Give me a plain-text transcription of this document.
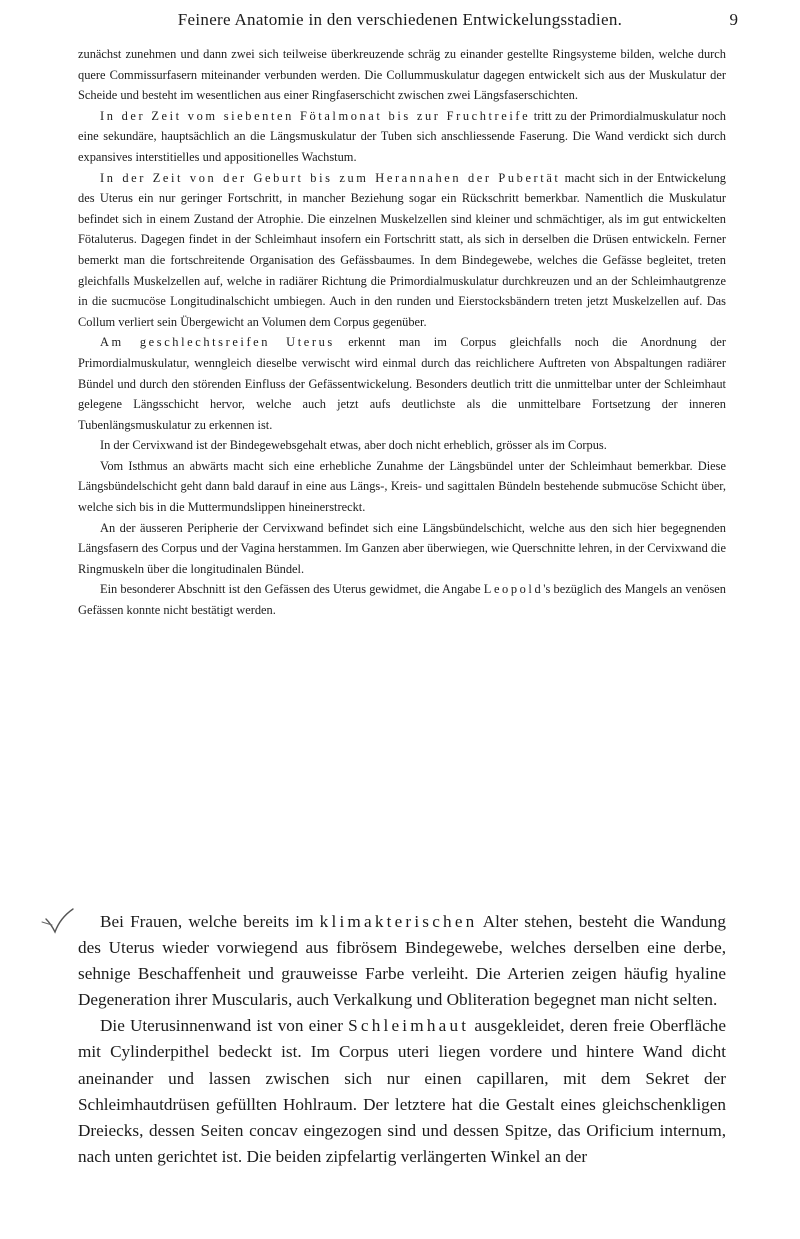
Feinere Anatomie in den verschiedenen Entwickelungsstadien.	9

zunächst zunehmen und dann zwei sich teilweise überkreuzende schräg zu einander gestellte Ringsysteme bilden, welche durch quere Commissurfasern miteinander verbunden werden. Die Collummuskulatur dagegen entwickelt sich aus der Muskulatur der Scheide und besteht im wesentlichen aus einer Ringfaserschicht zwischen zwei Längsfaserschichten.

In der Zeit vom siebenten Fötalmonat bis zur Fruchtreife tritt zu der Primordialmuskulatur noch eine sekundäre, hauptsächlich an die Längsmuskulatur der Tuben sich anschliessende Faserung. Die Wand verdickt sich durch expansives interstitielles und appositionelles Wachstum.

In der Zeit von der Geburt bis zum Herannahen der Pubertät macht sich in der Entwickelung des Uterus ein nur geringer Fortschritt, in mancher Beziehung sogar ein Rückschritt bemerkbar. Namentlich die Muskulatur befindet sich in einem Zustand der Atrophie. Die einzelnen Muskelzellen sind kleiner und schmächtiger, als im gut entwickelten Fötaluterus. Dagegen findet in der Schleimhaut insofern ein Fortschritt statt, als sich in derselben die Drüsen entwickeln. Ferner bemerkt man die fortschreitende Organisation des Gefässbaumes. In dem Bindegewebe, welches die Gefässe begleitet, treten gleichfalls Muskelzellen auf, welche in radiärer Richtung die Primordialmuskulatur durchkreuzen und an der Schleimhautgrenze in die sucmucöse Longitudinalschicht umbiegen. Auch in den runden und Eierstocksbändern treten jetzt Muskelzellen auf. Das Collum verliert sein Übergewicht an Volumen dem Corpus gegenüber.

Am geschlechtsreifen Uterus erkennt man im Corpus gleichfalls noch die Anordnung der Primordialmuskulatur, wenngleich dieselbe verwischt wird einmal durch das reichlichere Auftreten von Abspaltungen radiärer Bündel und durch den störenden Einfluss der Gefässentwickelung. Besonders deutlich tritt die unmittelbar unter der Schleimhaut gelegene Längsschicht hervor, welche auch jetzt aufs deutlichste als die unmittelbare Fortsetzung der inneren Tubenlängsmuskulatur zu erkennen ist.

In der Cervixwand ist der Bindegewebsgehalt etwas, aber doch nicht erheblich, grösser als im Corpus.

Vom Isthmus an abwärts macht sich eine erhebliche Zunahme der Längsbündel unter der Schleimhaut bemerkbar. Diese Längsbündelschicht geht dann bald darauf in eine aus Längs-, Kreis- und sagittalen Bündeln bestehende submucöse Schicht über, welche sich bis in die Muttermundslippen hineinerstreckt.

An der äusseren Peripherie der Cervixwand befindet sich eine Längsbündelschicht, welche aus den sich hier begegnenden Längsfasern des Corpus und der Vagina herstammen. Im Ganzen aber überwiegen, wie Querschnitte lehren, in der Cervixwand die Ringmuskeln über die longitudinalen Bündel.

Ein besonderer Abschnitt ist den Gefässen des Uterus gewidmet, die Angabe Leopold's bezüglich des Mangels an venösen Gefässen konnte nicht bestätigt werden.

Bei Frauen, welche bereits im klimakterischen Alter stehen, besteht die Wandung des Uterus wieder vorwiegend aus fibrösem Bindegewebe, welches derselben eine derbe, sehnige Beschaffenheit und grauweisse Farbe verleiht. Die Arterien zeigen häufig hyaline Degeneration ihrer Muscularis, auch Verkalkung und Obliteration begegnet man nicht selten.

Die Uterusinnenwand ist von einer Schleimhaut ausgekleidet, deren freie Oberfläche mit Cylinderpithel bedeckt ist. Im Corpus uteri liegen vordere und hintere Wand dicht aneinander und lassen zwischen sich nur einen capillaren, mit dem Sekret der Schleimhautdrüsen gefüllten Hohlraum. Der letztere hat die Gestalt eines gleichschenkligen Dreiecks, dessen Seiten concav eingezogen sind und dessen Spitze, das Orificium internum, nach unten gerichtet ist. Die beiden zipfelartig verlängerten Winkel an der
